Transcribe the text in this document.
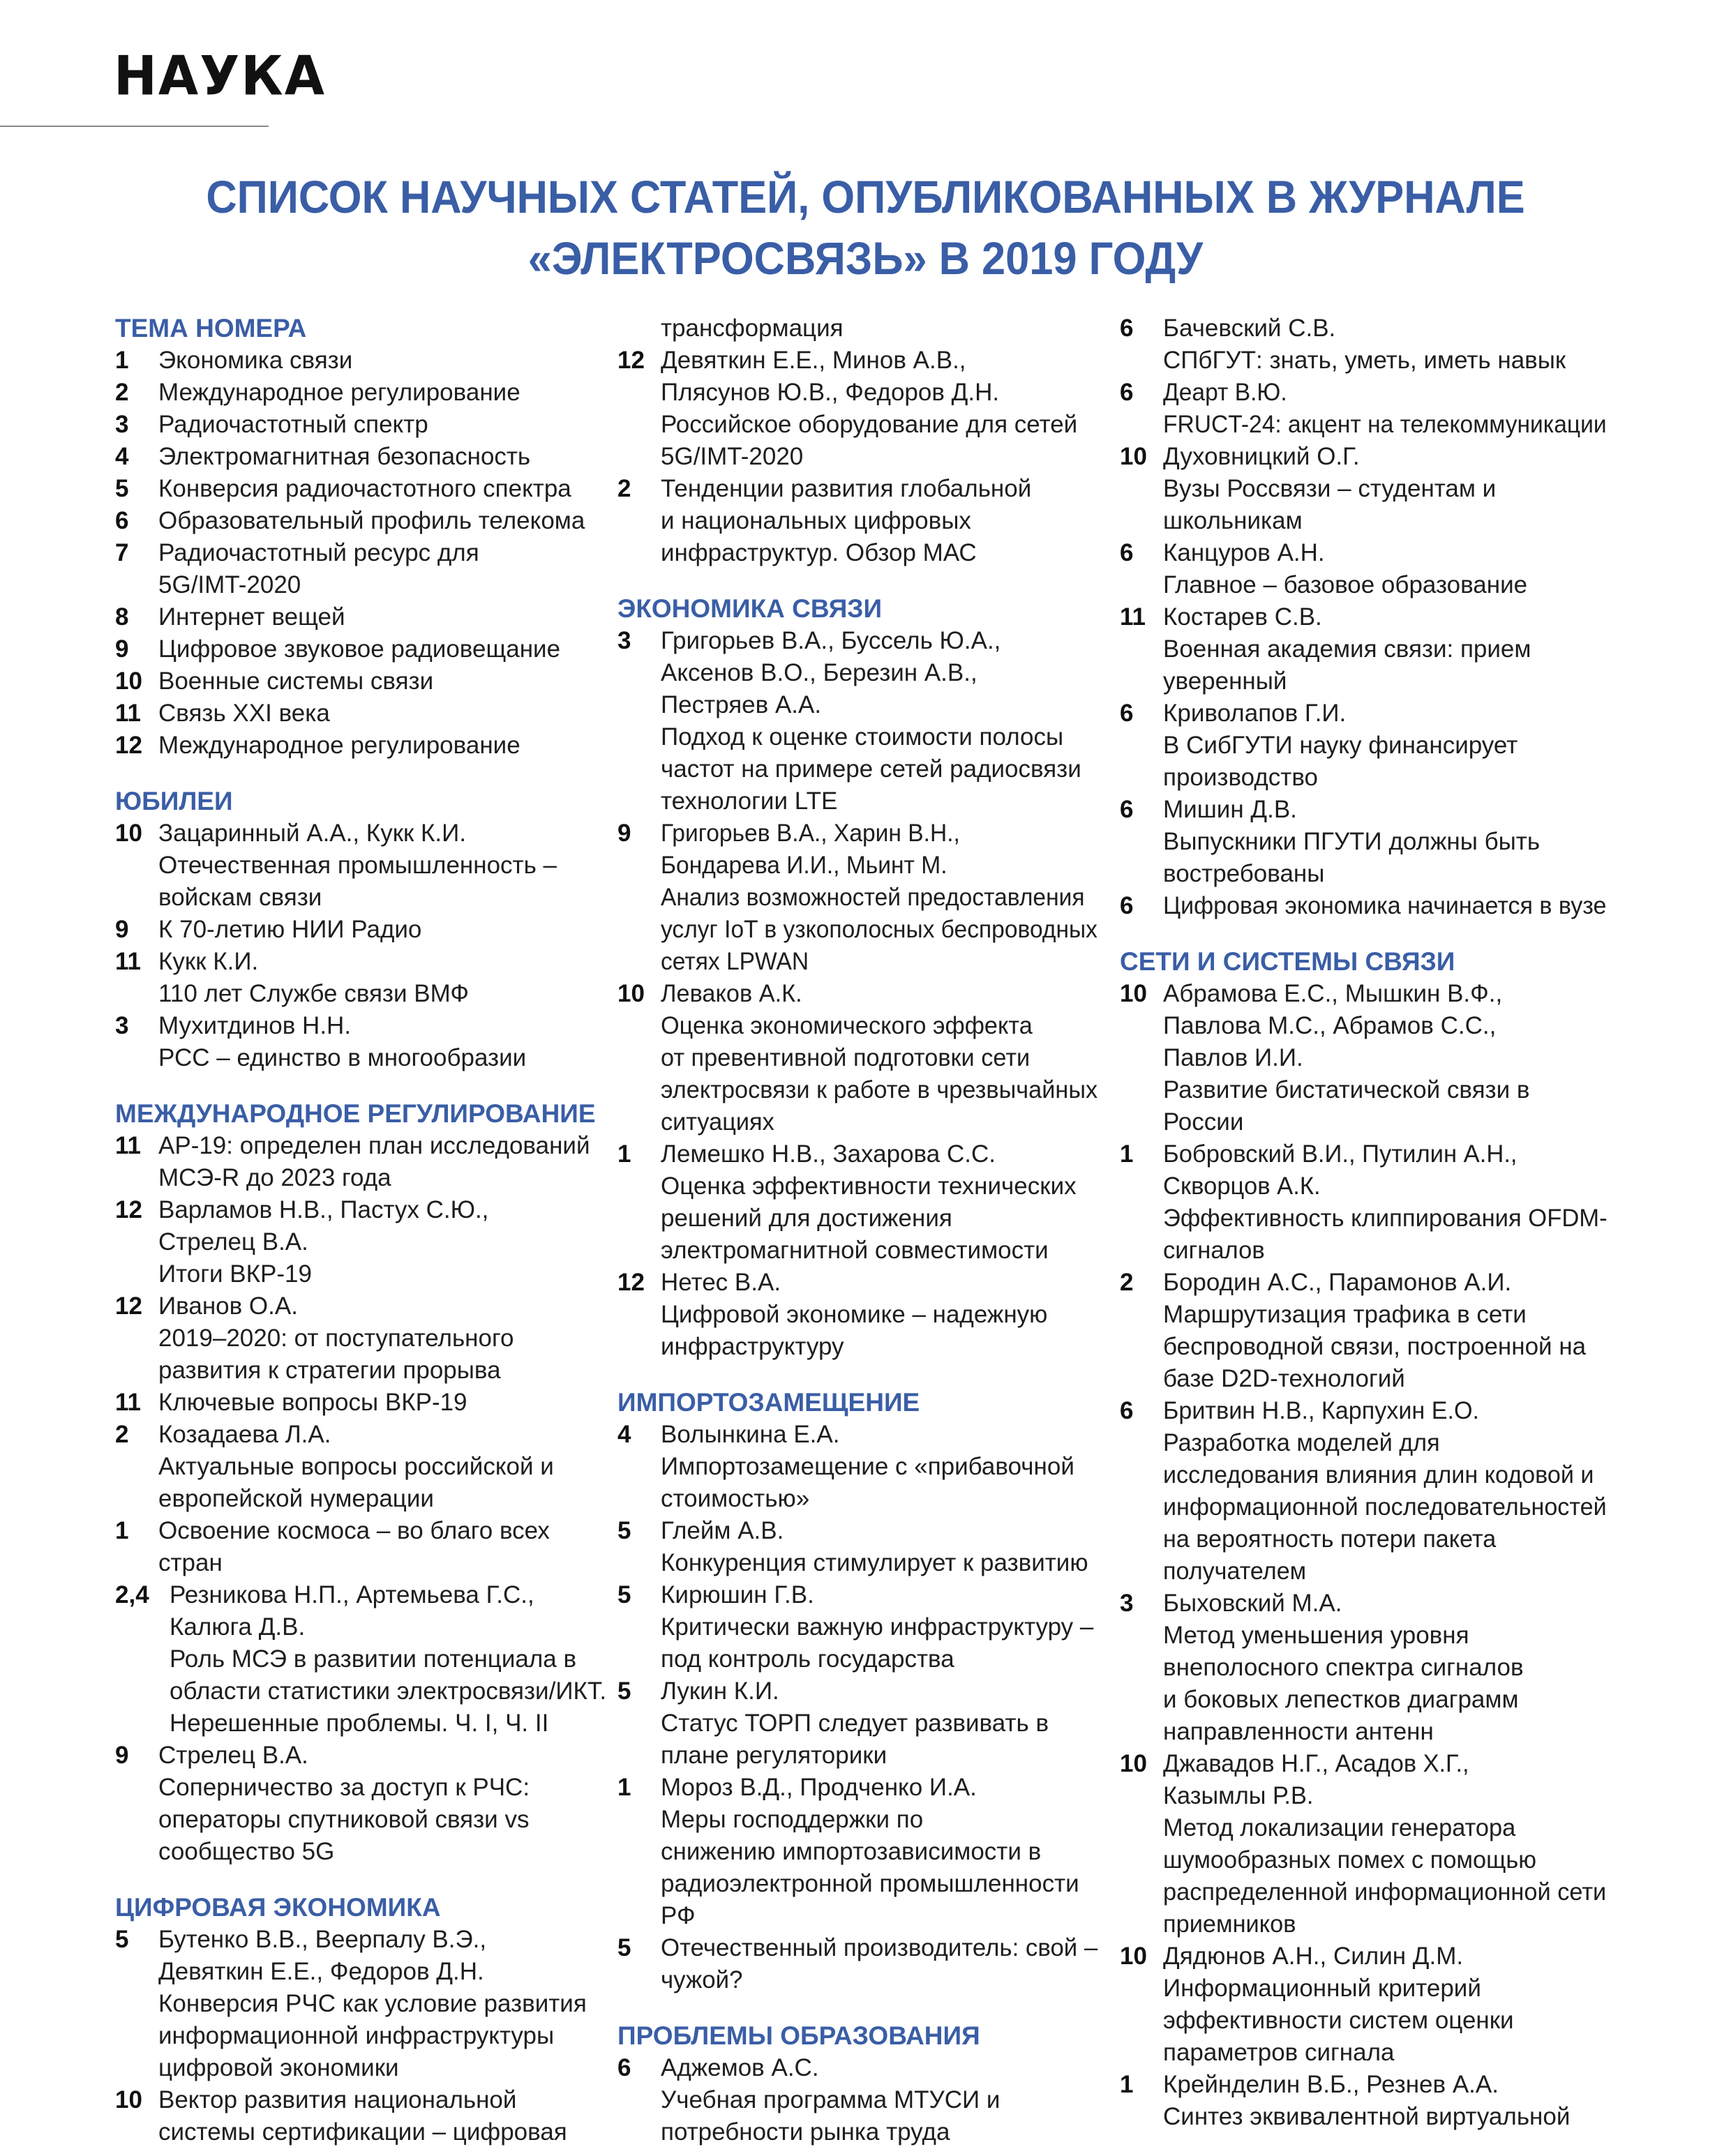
НАУКА
СПИСОК НАУЧНЫХ СТАТЕЙ, ОПУБЛИКОВАННЫХ В ЖУРНАЛЕ
«ЭЛЕКТРОСВЯЗЬ» В 2019 ГОДУ
ТЕМА НОМЕРА
1	Экономика связи
2	Международное регулирование
3	Радиочастотный спектр
4	Электромагнитная безопасность
5	Конверсия радиочастотного спектра
6	Образовательный профиль телекома
7	Радиочастотный ресурс для
5G/IMT-2020
8	Интернет вещей
9	Цифровое звуковое радиовещание
10 Военные системы связи
11 Связь XXI века
12 Международное регулирование
ЮБИЛЕИ
10 Зацаринный А.А., Кукк К.И.
Отечественная промышленность –
войскам связи
9	К 70-летию НИИ Радио
11 Кукк К.И.
110 лет Службе связи ВМФ
3	Мухитдинов Н.Н.
РСС – единство в многообразии
МЕЖДУНАРОДНОЕ РЕГУЛИРОВАНИЕ
11 AP-19: определен план исследований
МСЭ-R до 2023 года
12 Варламов Н.В., Пастух С.Ю.,
Стрелец В.А.
Итоги ВКР-19
12 Иванов О.А.
2019–2020: от поступательного
развития к стратегии прорыва
11 Ключевые вопросы ВКР-19
2	Козадаева Л.А.
Актуальные вопросы российской и
европейской нумерации
1	Освоение космоса – во благо всех
стран
2,4 Резникова Н.П., Артемьева Г.С.,
Калюга Д.В.
Роль МСЭ в развитии потенциала в
области статистики электросвязи/ИКТ.
Нерешенные проблемы. Ч. I, Ч. II
9	Стрелец В.А.
Соперничество за доступ к РЧС:
операторы спутниковой связи vs
сообщество 5G
ЦИФРОВАЯ ЭКОНОМИКА
5	Бутенко В.В., Веерпалу В.Э.,
Девяткин Е.Е., Федоров Д.Н.
Конверсия РЧС как условие развития
информационной инфраструктуры
цифровой экономики
10 Вектор развития национальной
системы сертификации – цифровая
трансформация
12 Девяткин Е.Е., Минов А.В.,
Плясунов Ю.В., Федоров Д.Н.
Российское оборудование для сетей
5G/IMT-2020
2	Тенденции развития глобальной
и национальных цифровых
инфраструктур. Обзор МАС
ЭКОНОМИКА СВЯЗИ
3	Григорьев В.А., Буссель Ю.А.,
Аксенов В.О., Березин А.В.,
Пестряев А.А.
Подход к оценке стоимости полосы
частот на примере сетей радиосвязи
технологии LTE
9	Григорьев В.А., Харин В.Н.,
Бондарева И.И., Мьинт М.
Анализ возможностей предоставления
услуг IoT в узкополосных беспроводных
сетях LPWAN
10 Леваков А.К.
Оценка экономического эффекта
от превентивной подготовки сети
электросвязи к работе в чрезвычайных
ситуациях
1	Лемешко Н.В., Захарова С.С.
Оценка эффективности технических
решений для достижения
электромагнитной совместимости
12 Нетес В.А.
Цифровой экономике – надежную
инфраструктуру
ИМПОРТОЗАМЕЩЕНИЕ
4	Волынкина Е.А.
Импортозамещение с «прибавочной
стоимостью»
5	Глейм А.В.
Конкуренция стимулирует к развитию
5	Кирюшин Г.В.
Критически важную инфраструктуру –
под контроль государства
5	Лукин К.И.
Статус ТОРП следует развивать в
плане регуляторики
1	Мороз В.Д., Продченко И.А.
Меры господдержки по
снижению импортозависимости в
радиоэлектронной промышленности
РФ
5	Отечественный производитель: свой –
чужой?
ПРОБЛЕМЫ ОБРАЗОВАНИЯ
6	Аджемов А.С.
Учебная программа МТУСИ и
потребности рынка труда
6	Бачевский С.В.
СПбГУТ: знать, уметь, иметь навык
6	Деарт В.Ю.
FRUCT-24: акцент на телекоммуникации
10 Духовницкий О.Г.
Вузы Россвязи – студентам и
школьникам
6	Канцуров А.Н.
Главное – базовое образование
11 Костарев С.В.
Военная академия связи: прием
уверенный
6	Криволапов Г.И.
В СибГУТИ науку финансирует
производство
6	Мишин Д.В.
Выпускники ПГУТИ должны быть
востребованы
6	Цифровая экономика начинается в вузе
СЕТИ И СИСТЕМЫ СВЯЗИ
10 Абрамова Е.С., Мышкин В.Ф.,
Павлова М.С., Абрамов С.С.,
Павлов И.И.
Развитие бистатической связи в
России
1	Бобровский В.И., Путилин А.Н.,
Скворцов А.К.
Эффективность клиппирования OFDM-
сигналов
2	Бородин А.С., Парамонов А.И.
Маршрутизация трафика в сети
беспроводной связи, построенной на
базе D2D-технологий
6	Бритвин Н.В., Карпухин Е.О.
Разработка моделей для
исследования влияния длин кодовой и
информационной последовательностей
на вероятность потери пакета
получателем
3	Быховский М.А.
Метод уменьшения уровня
внеполосного спектра сигналов
и боковых лепестков диаграмм
направленности антенн
10 Джавадов Н.Г., Асадов Х.Г.,
Казымлы Р.В.
Метод локализации генератора
шумообразных помех с помощью
распределенной информационной сети
приемников
10 Дядюнов А.Н., Силин Д.М.
Информационный критерий
эффективности систем оценки
параметров сигнала
1	Крейнделин В.Б., Резнев А.А.
Синтез эквивалентной виртуальной
